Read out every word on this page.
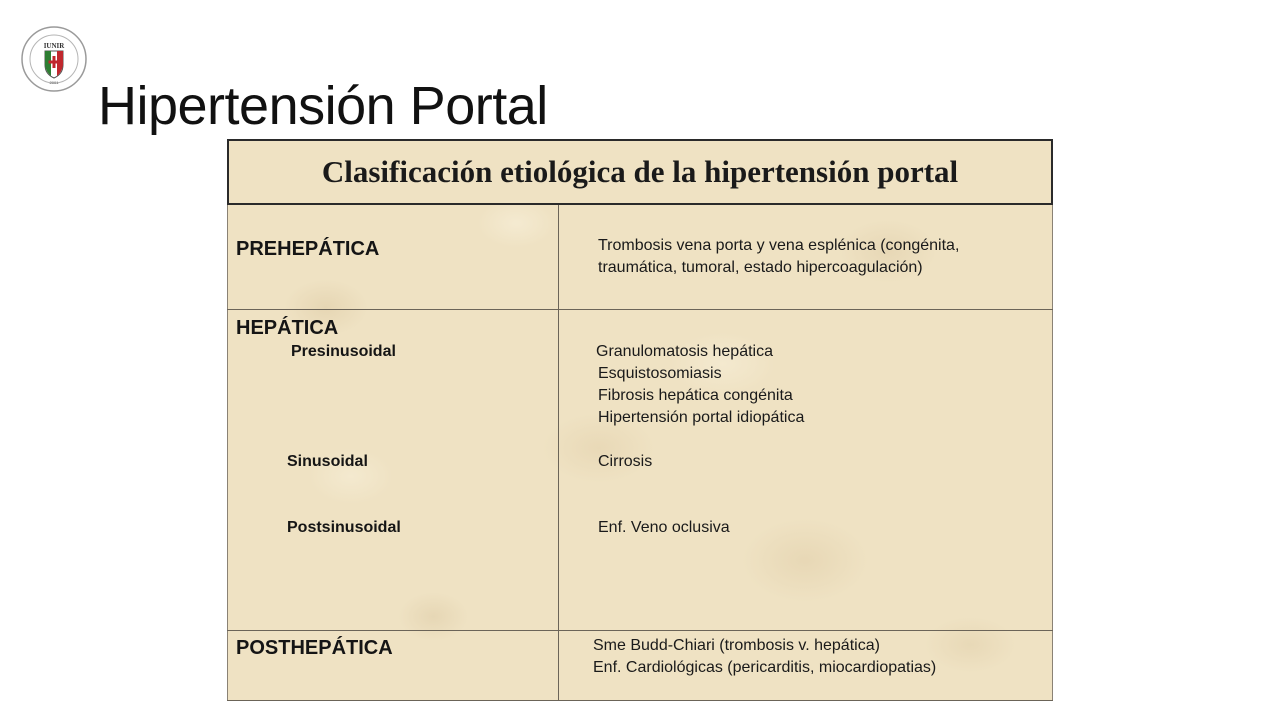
IUNIR
2001 Hipertensión Portal
Clasificación etiológica de la hipertensión portal
PREHEPÁTICA	Trombosis vena porta y vena esplénica (congénita,
traumática, tumoral, estado hipercoagulación)
HEPÁTICA
Presinusoidal	Granulomatosis hepática
Esquistosomiasis
Fibrosis hepática congénita
Hipertensión portal idiopática
Sinusoidal	Cirrosis
Postsinusoidal	Enf. Veno oclusiva
POSTHEPÁTICA	Sme Budd-Chiari (trombosis v. hepática)
Enf. Cardiológicas (pericarditis, miocardiopatias)
